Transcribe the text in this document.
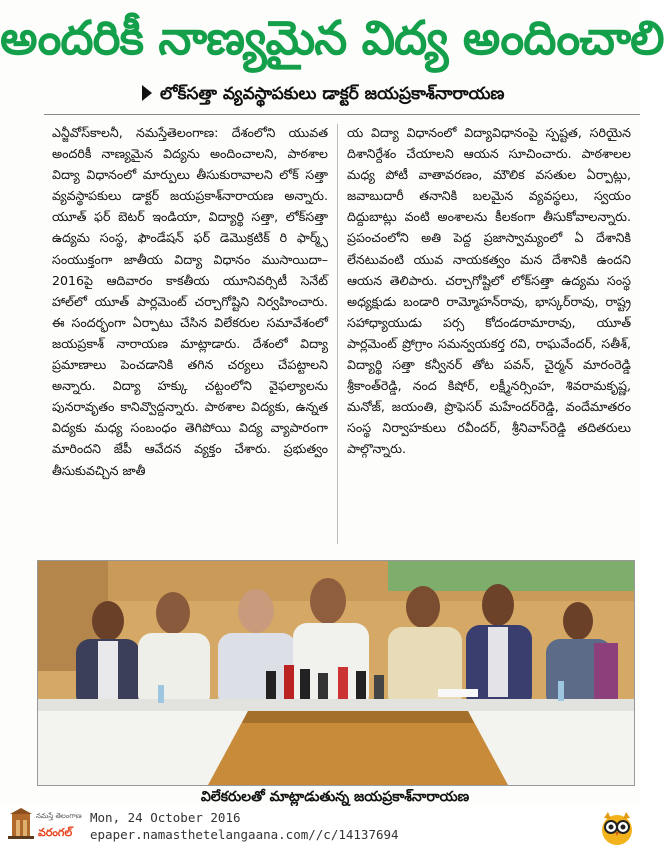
అందరికీ నాణ్యమైన విద్య అందించాలి
లోక్‌సత్తా వ్యవస్థాపకులు డాక్టర్ జయప్రకాశ్‌నారాయణ

ఎన్జీవోస్‌కాలనీ, నమస్తేతెలంగాణ: దేశంలోని యువత అందరికీ నాణ్యమైన విద్యను అందించాలని, పాఠశాల విద్యా విధానంలో మార్పులు తీసుకురావాలని లోక్ సత్తా వ్యవస్థాపకులు డాక్టర్ జయప్రకాశ్‌నారాయణ అన్నారు. యూత్ ఫర్ బెటర్ ఇండియా, విద్యార్థి సత్తా, లోక్‌సత్తా ఉద్యమ సంస్థ, ఫౌండేషన్ ఫర్ డెమొక్రటిక్ రి ఫార్మ్స్ సంయుక్తంగా జాతీయ విద్యా విధానం ముసాయిదా–2016పై ఆదివారం కాకతీయ యూనివర్సిటీ సెనేట్ హాల్‌లో యూత్ పార్లమెంట్ చర్చాగోష్టిని నిర్వహించారు. ఈ సందర్భంగా ఏర్పాటు చేసిన విలేకరుల సమావేశంలో జయప్రకాశ్ నారాయణ మాట్లాడారు. దేశంలో విద్యా ప్రమాణాలు పెంచడానికి తగిన చర్యలు చేపట్టాలని అన్నారు. విద్యా హక్కు చట్టంలోని వైఫల్యాలను పునరావృతం కానివ్వొద్దన్నారు. పాఠశాల విద్యకు, ఉన్నత విద్యకు మధ్య సంబంధం తెగిపోయి విద్య వ్యాపారంగా మారిందని జేపీ ఆవేదన వ్యక్తం చేశారు. ప్రభుత్వం తీసుకువచ్చిన జాతీ

య విద్యా విధానంలో విద్యావిధానంపై స్పష్టత, సరియైన దిశానిర్దేశం చేయాలని ఆయన సూచించారు. పాఠశాలల మధ్య పోటీ వాతావరణం, మౌలిక వసతుల ఏర్పాట్లు, జవాబుదారీ తనానికి బలమైన వ్యవస్థలు, స్వయం దిద్దుబాట్లు వంటి అంశాలను కీలకంగా తీసుకోవాలన్నారు. ప్రపంచంలోని అతి పెద్ద ప్రజాస్వామ్యంలో ఏ దేశానికి లేనటువంటి యువ నాయకత్వం మన దేశానికి ఉందని ఆయన తెలిపారు. చర్చాగోష్టిలో లోక్‌సత్తా ఉద్యమ సంస్థ అధ్యక్షుడు బండారి రామ్మోహన్‌రావు, భాస్కర్‌రావు, రాష్ట్ర సహాధ్యాయుడు పర్స కోదండరామారావు, యూత్ పార్లమెంట్ ప్రోగ్రాం సమన్వయకర్త రవి, రాఘవేందర్, సతీశ్, విద్యార్థి సత్తా కన్వీనర్ తోట పవన్, చైర్మన్ మారంరెడ్డి శ్రీకాంత్‌రెడ్డి, నంద కిషోర్, లక్ష్మీనర్సింహ, శివరామకృష్ణ, మనోజ్, జయంతి, ప్రొఫెసర్ మహేందర్‌రెడ్డి, వందేమాతరం సంస్థ నిర్వాహకులు రవీందర్, శ్రీనివాస్‌రెడ్డి తదితరులు పాల్గొన్నారు.

విలేకరులతో మాట్లాడుతున్న జయప్రకాశ్‌నారాయణ
నమస్తే తెలంగాణ
వరంగల్
Mon, 24 October 2016
epaper.namasthetelangaana.com//c/14137694
